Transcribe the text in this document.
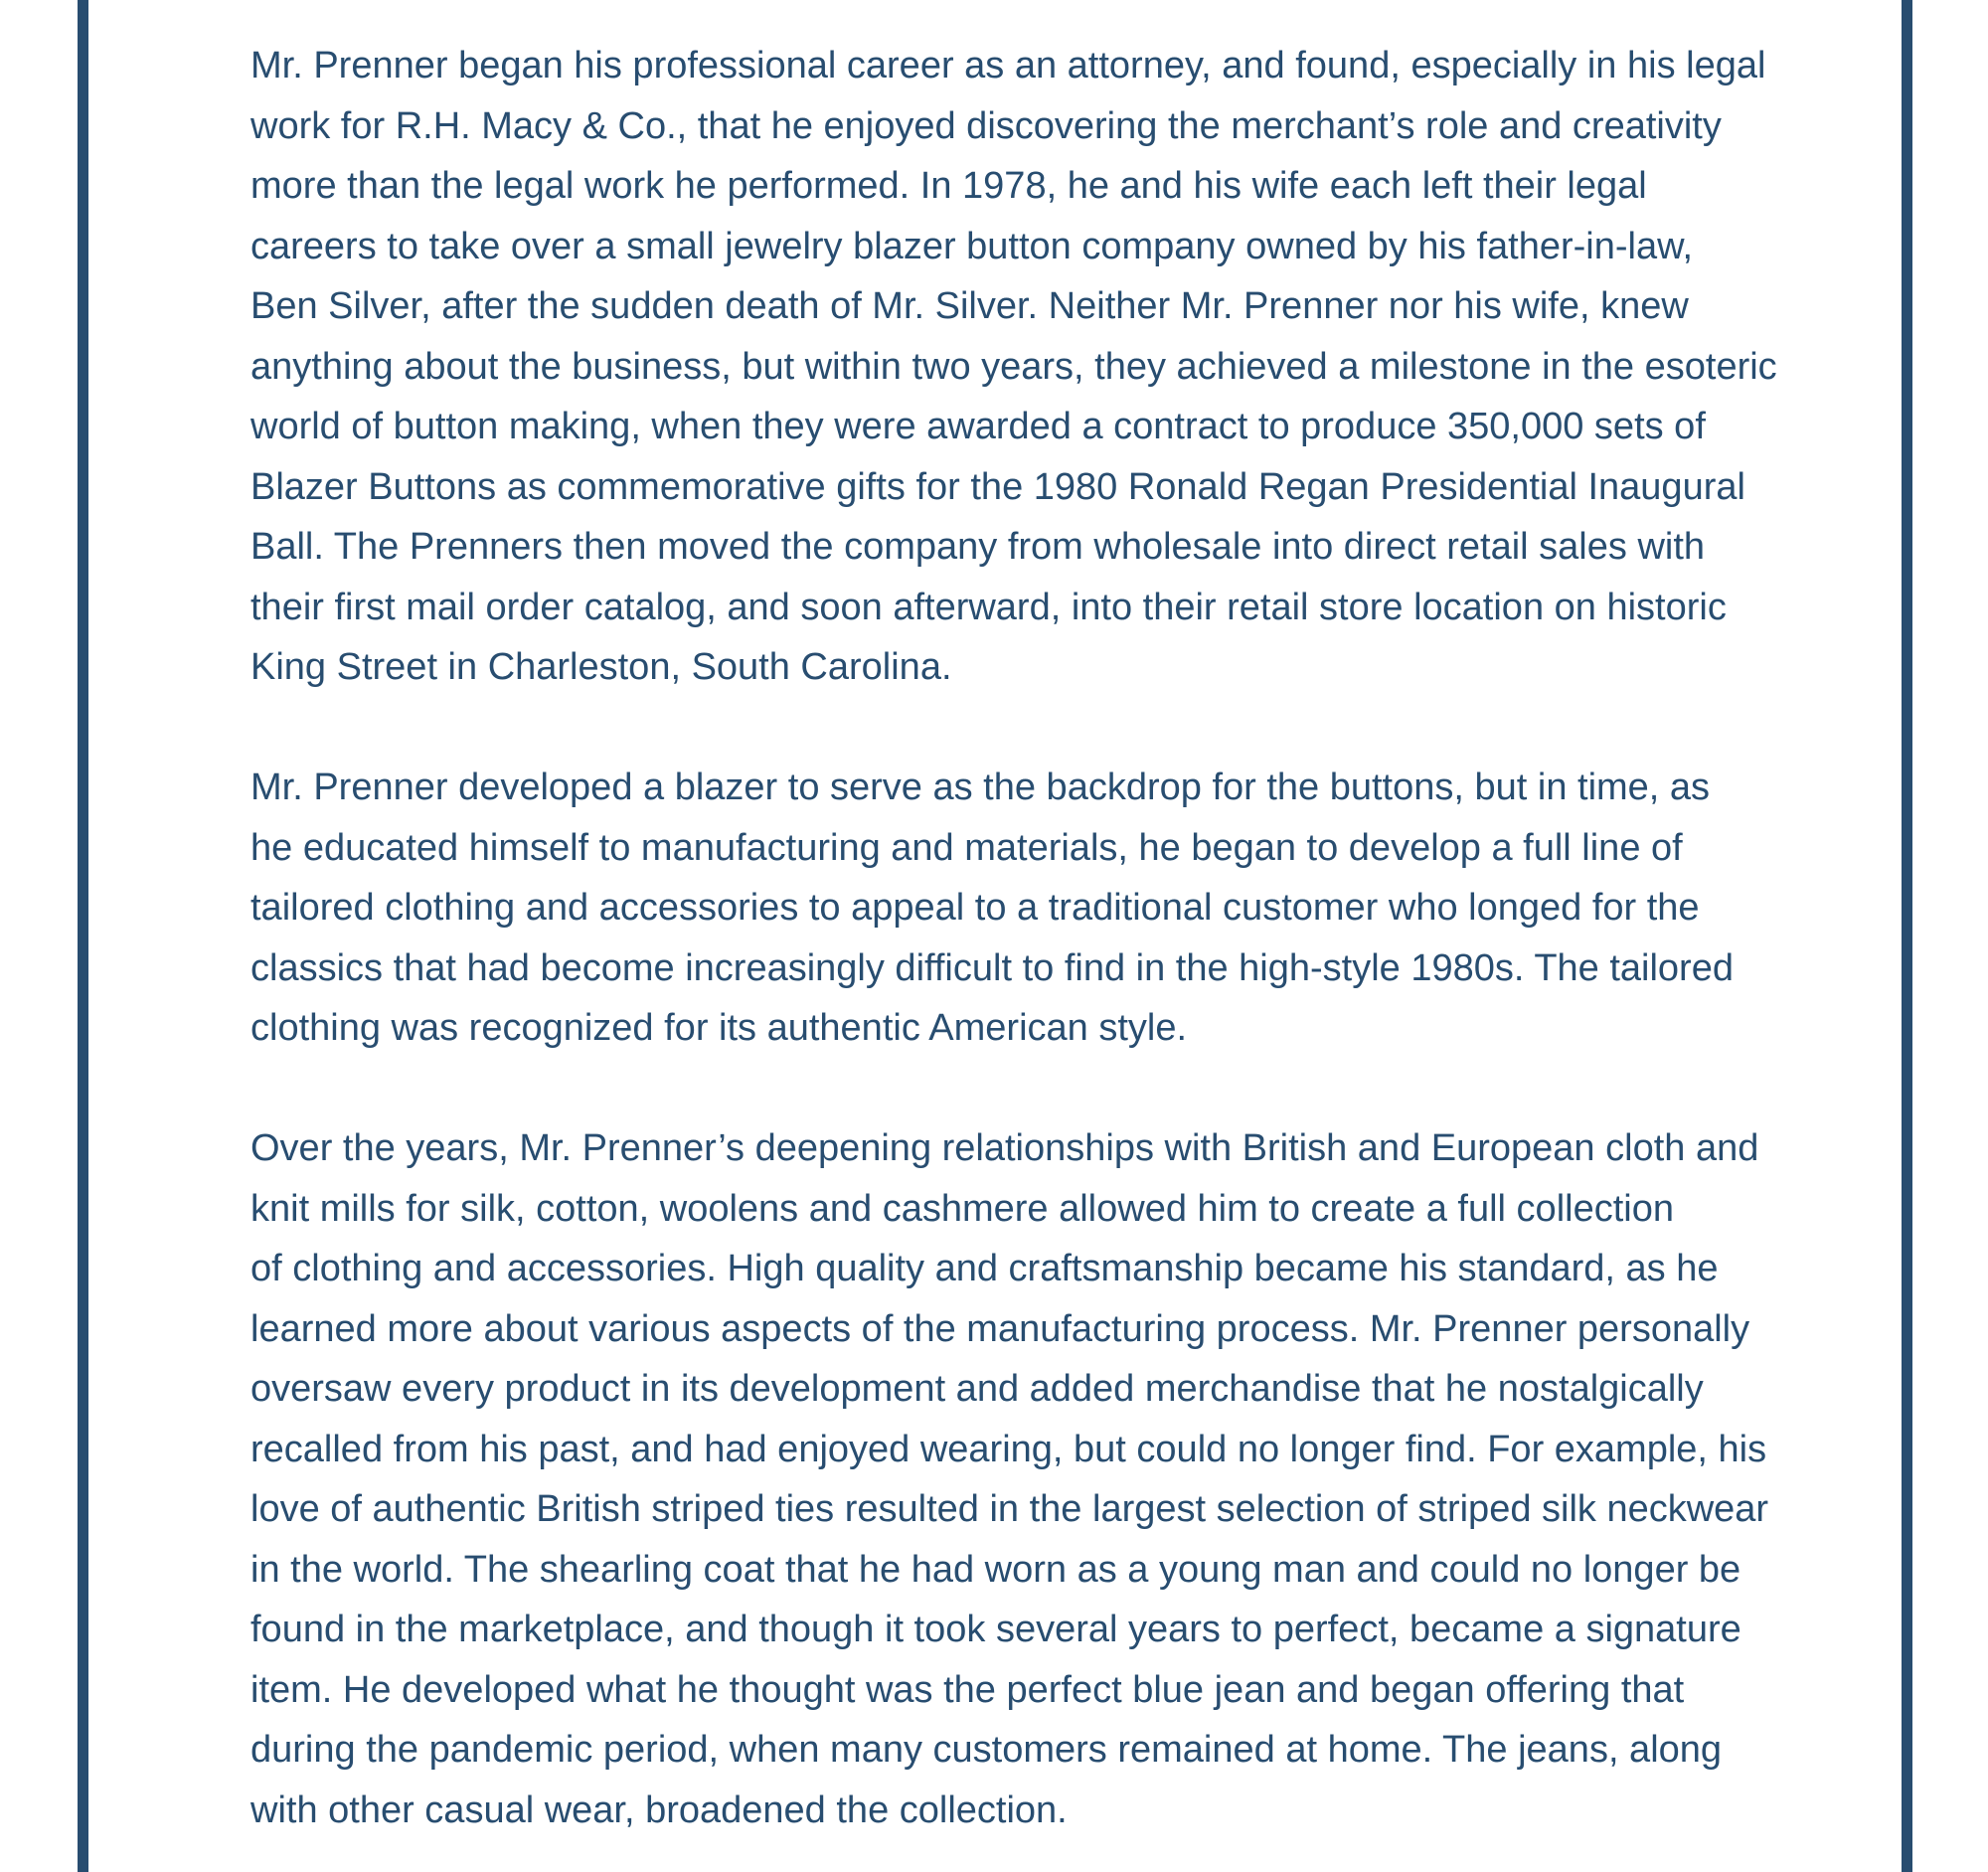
Mr. Prenner began his professional career as an attorney, and found, especially in his legal
work for R.H. Macy & Co., that he enjoyed discovering the merchant’s role and creativity
more than the legal work he performed. In 1978, he and his wife each left their legal
careers to take over a small jewelry blazer button company owned by his father-in-law,
Ben Silver, after the sudden death of Mr. Silver. Neither Mr. Prenner nor his wife, knew
anything about the business, but within two years, they achieved a milestone in the esoteric
world of button making, when they were awarded a contract to produce 350,000 sets of
Blazer Buttons as commemorative gifts for the 1980 Ronald Regan Presidential Inaugural
Ball. The Prenners then moved the company from wholesale into direct retail sales with
their first mail order catalog, and soon afterward, into their retail store location on historic
King Street in Charleston, South Carolina.

Mr. Prenner developed a blazer to serve as the backdrop for the buttons, but in time, as
he educated himself to manufacturing and materials, he began to develop a full line of
tailored clothing and accessories to appeal to a traditional customer who longed for the
classics that had become increasingly difficult to find in the high-style 1980s. The tailored
clothing was recognized for its authentic American style.

Over the years, Mr. Prenner’s deepening relationships with British and European cloth and
knit mills for silk, cotton, woolens and cashmere allowed him to create a full collection
of clothing and accessories. High quality and craftsmanship became his standard, as he
learned more about various aspects of the manufacturing process. Mr. Prenner personally
oversaw every product in its development and added merchandise that he nostalgically
recalled from his past, and had enjoyed wearing, but could no longer find. For example, his
love of authentic British striped ties resulted in the largest selection of striped silk neckwear
in the world. The shearling coat that he had worn as a young man and could no longer be
found in the marketplace, and though it took several years to perfect, became a signature
item. He developed what he thought was the perfect blue jean and began offering that
during the pandemic period, when many customers remained at home. The jeans, along
with other casual wear, broadened the collection.
